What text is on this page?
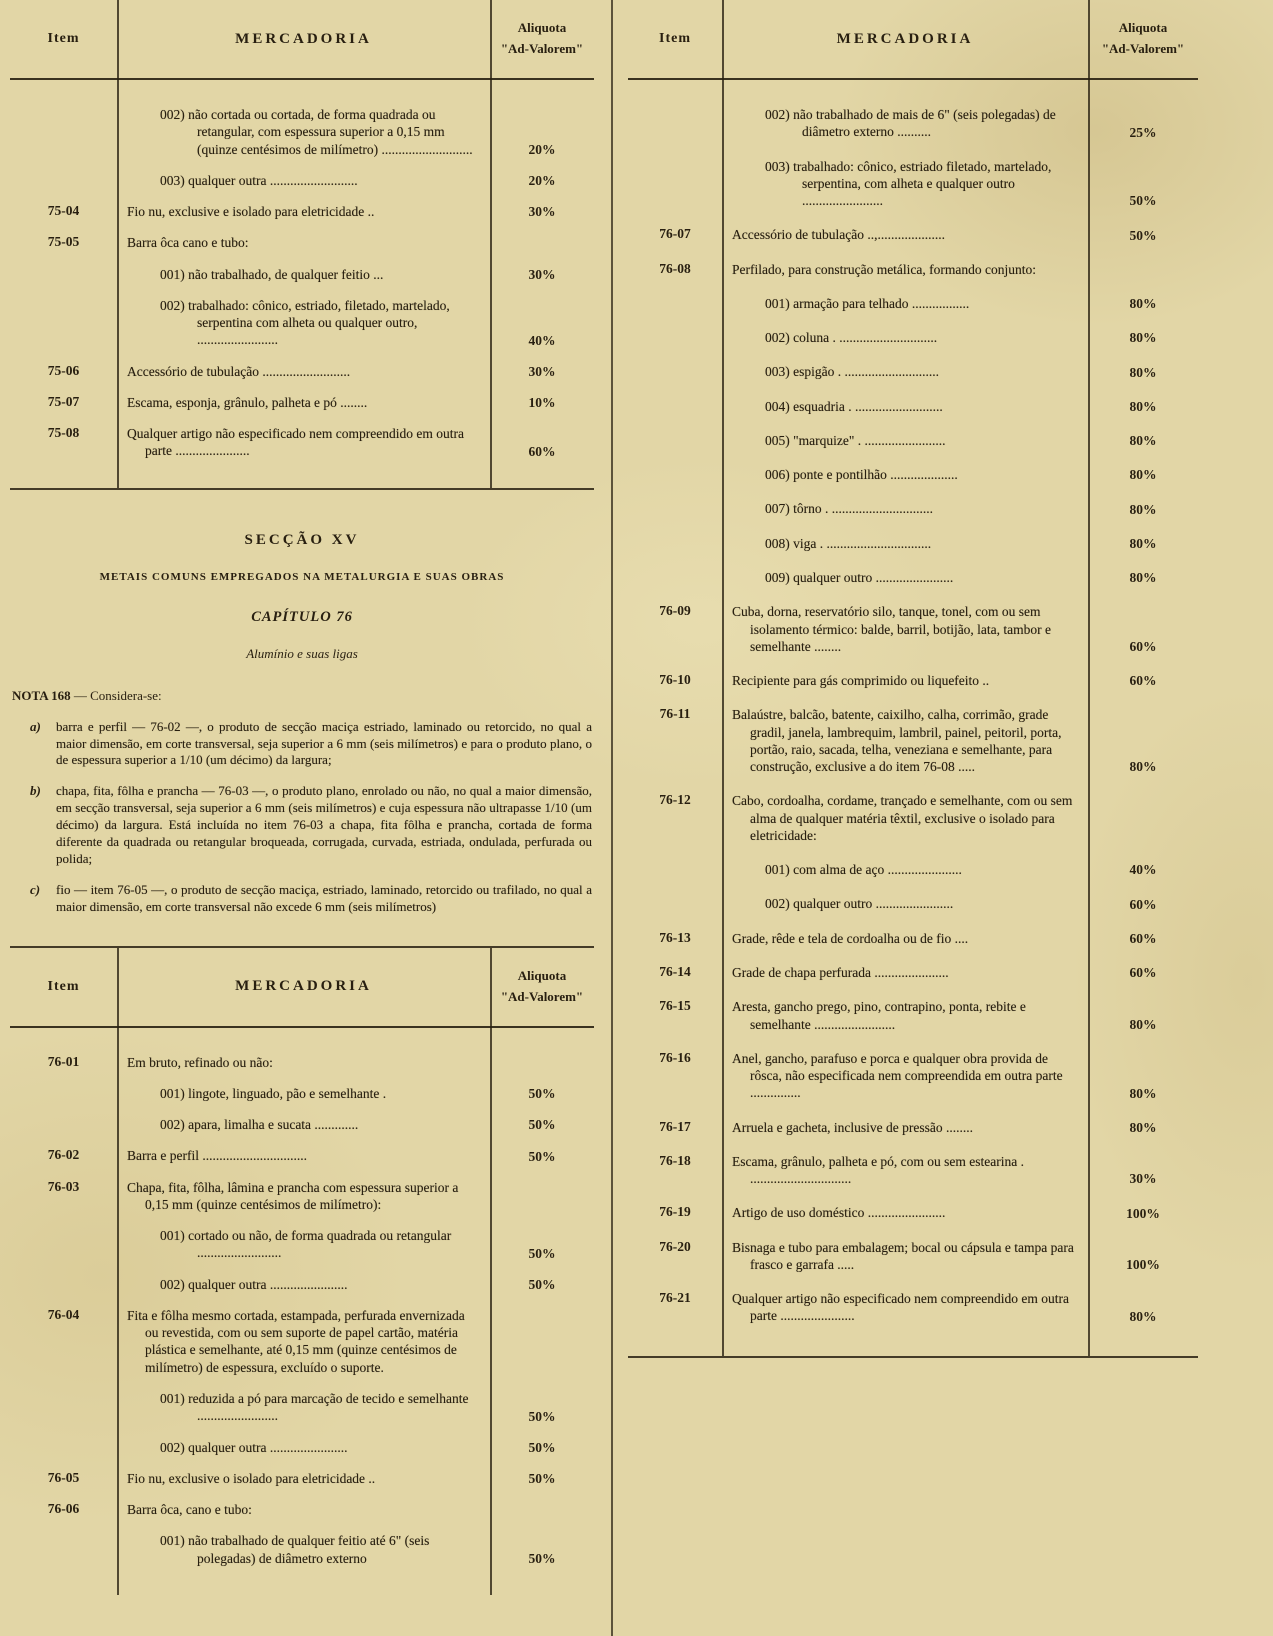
Item	MERCADORIA
Aliquota
"Ad-Valorem"
002) não cortada ou cortada, de forma quadrada ou retangular, com espessura superior a 0,15 mm (quinze centésimos de milímetro) ...........................	20%
003) qualquer outra ..........................	20%
75-04	Fio nu, exclusive e isolado para eletricidade ..	30%
75-05	Barra ôca cano e tubo:
001) não trabalhado, de qualquer feitio ...	30%
002) trabalhado: cônico, estriado, filetado, martelado, serpentina com alheta ou qualquer outro, ........................	40%
75-06	Accessório de tubulação ..........................	30%
75-07	Escama, esponja, grânulo, palheta e pó ........	10%
75-08	Qualquer artigo não especificado nem compreendido em outra parte ......................	60%
SECÇÃO XV
METAIS COMUNS EMPREGADOS NA METALURGIA E SUAS OBRAS
CAPÍTULO 76
Alumínio e suas ligas
NOTA 168 — Considera-se:
a)	barra e perfil — 76-02 —, o produto de secção maciça estriado, laminado ou retorcido, no qual a maior dimensão, em corte transversal, seja superior a 6 mm (seis milímetros) e para o produto plano, o de espessura superior a 1/10 (um décimo) da largura;
b)	chapa, fita, fôlha e prancha — 76-03 —, o produto plano, enrolado ou não, no qual a maior dimensão, em secção transversal, seja superior a 6 mm (seis milímetros) e cuja espessura não ultrapasse 1/10 (um décimo) da largura. Está incluída no item 76-03 a chapa, fita fôlha e prancha, cortada de forma diferente da quadrada ou retangular broqueada, corrugada, curvada, estriada, ondulada, perfurada ou polida;
c)	fio — item 76-05 —, o produto de secção maciça, estriado, laminado, retorcido ou trafilado, no qual a maior dimensão, em corte transversal não excede 6 mm (seis milímetros)
Item	MERCADORIA
Aliquota
"Ad-Valorem"
76-01	Em bruto, refinado ou não:
001) lingote, linguado, pão e semelhante .	50%
002) apara, limalha e sucata .............	50%
76-02	Barra e perfil ...............................	50%
76-03	Chapa, fita, fôlha, lâmina e prancha com espessura superior a 0,15 mm (quinze centésimos de milímetro):
001) cortado ou não, de forma quadrada ou retangular .........................	50%
002) qualquer outra .......................	50%
76-04	Fita e fôlha mesmo cortada, estampada, perfurada envernizada ou revestida, com ou sem suporte de papel cartão, matéria plástica e semelhante, até 0,15 mm (quinze centésimos de milímetro) de espessura, excluído o suporte.
001) reduzida a pó para marcação de tecido e semelhante ........................	50%
002) qualquer outra .......................	50%
76-05	Fio nu, exclusive o isolado para eletricidade ..	50%
76-06	Barra ôca, cano e tubo:
001) não trabalhado de qualquer feitio até 6" (seis polegadas) de diâmetro externo	50%
Item	MERCADORIA
Aliquota
"Ad-Valorem"
002) não trabalhado de mais de 6" (seis polegadas) de diâmetro externo ..........	25%
003) trabalhado: cônico, estriado filetado, martelado, serpentina, com alheta e qualquer outro ........................	50%
76-07	Accessório de tubulação ..,....................	50%
76-08	Perfilado, para construção metálica, formando conjunto:
001) armação para telhado .................	80%
002) coluna . .............................	80%
003) espigão . ............................	80%
004) esquadria . ..........................	80%
005) "marquize" . ........................	80%
006) ponte e pontilhão ....................	80%
007) tôrno . ..............................	80%
008) viga . ...............................	80%
009) qualquer outro .......................	80%
76-09	Cuba, dorna, reservatório silo, tanque, tonel, com ou sem isolamento térmico: balde, barril, botijão, lata, tambor e semelhante ........	60%
76-10	Recipiente para gás comprimido ou liquefeito ..	60%
76-11	Balaústre, balcão, batente, caixilho, calha, corrimão, grade gradil, janela, lambrequim, lambril, painel, peitoril, porta, portão, raio, sacada, telha, veneziana e semelhante, para construção, exclusive a do item 76-08 .....	80%
76-12	Cabo, cordoalha, cordame, trançado e semelhante, com ou sem alma de qualquer matéria têxtil, exclusive o isolado para eletricidade:
001) com alma de aço ......................	40%
002) qualquer outro .......................	60%
76-13	Grade, rêde e tela de cordoalha ou de fio ....	60%
76-14	Grade de chapa perfurada ......................	60%
76-15	Aresta, gancho prego, pino, contrapino, ponta, rebite e semelhante ........................	80%
76-16	Anel, gancho, parafuso e porca e qualquer obra provida de rôsca, não especificada nem compreendida em outra parte ...............	80%
76-17	Arruela e gacheta, inclusive de pressão ........	80%
76-18	Escama, grânulo, palheta e pó, com ou sem estearina . ..............................	30%
76-19	Artigo de uso doméstico .......................	100%
76-20	Bisnaga e tubo para embalagem; bocal ou cápsula e tampa para frasco e garrafa .....	100%
76-21	Qualquer artigo não especificado nem compreendido em outra parte ......................	80%
